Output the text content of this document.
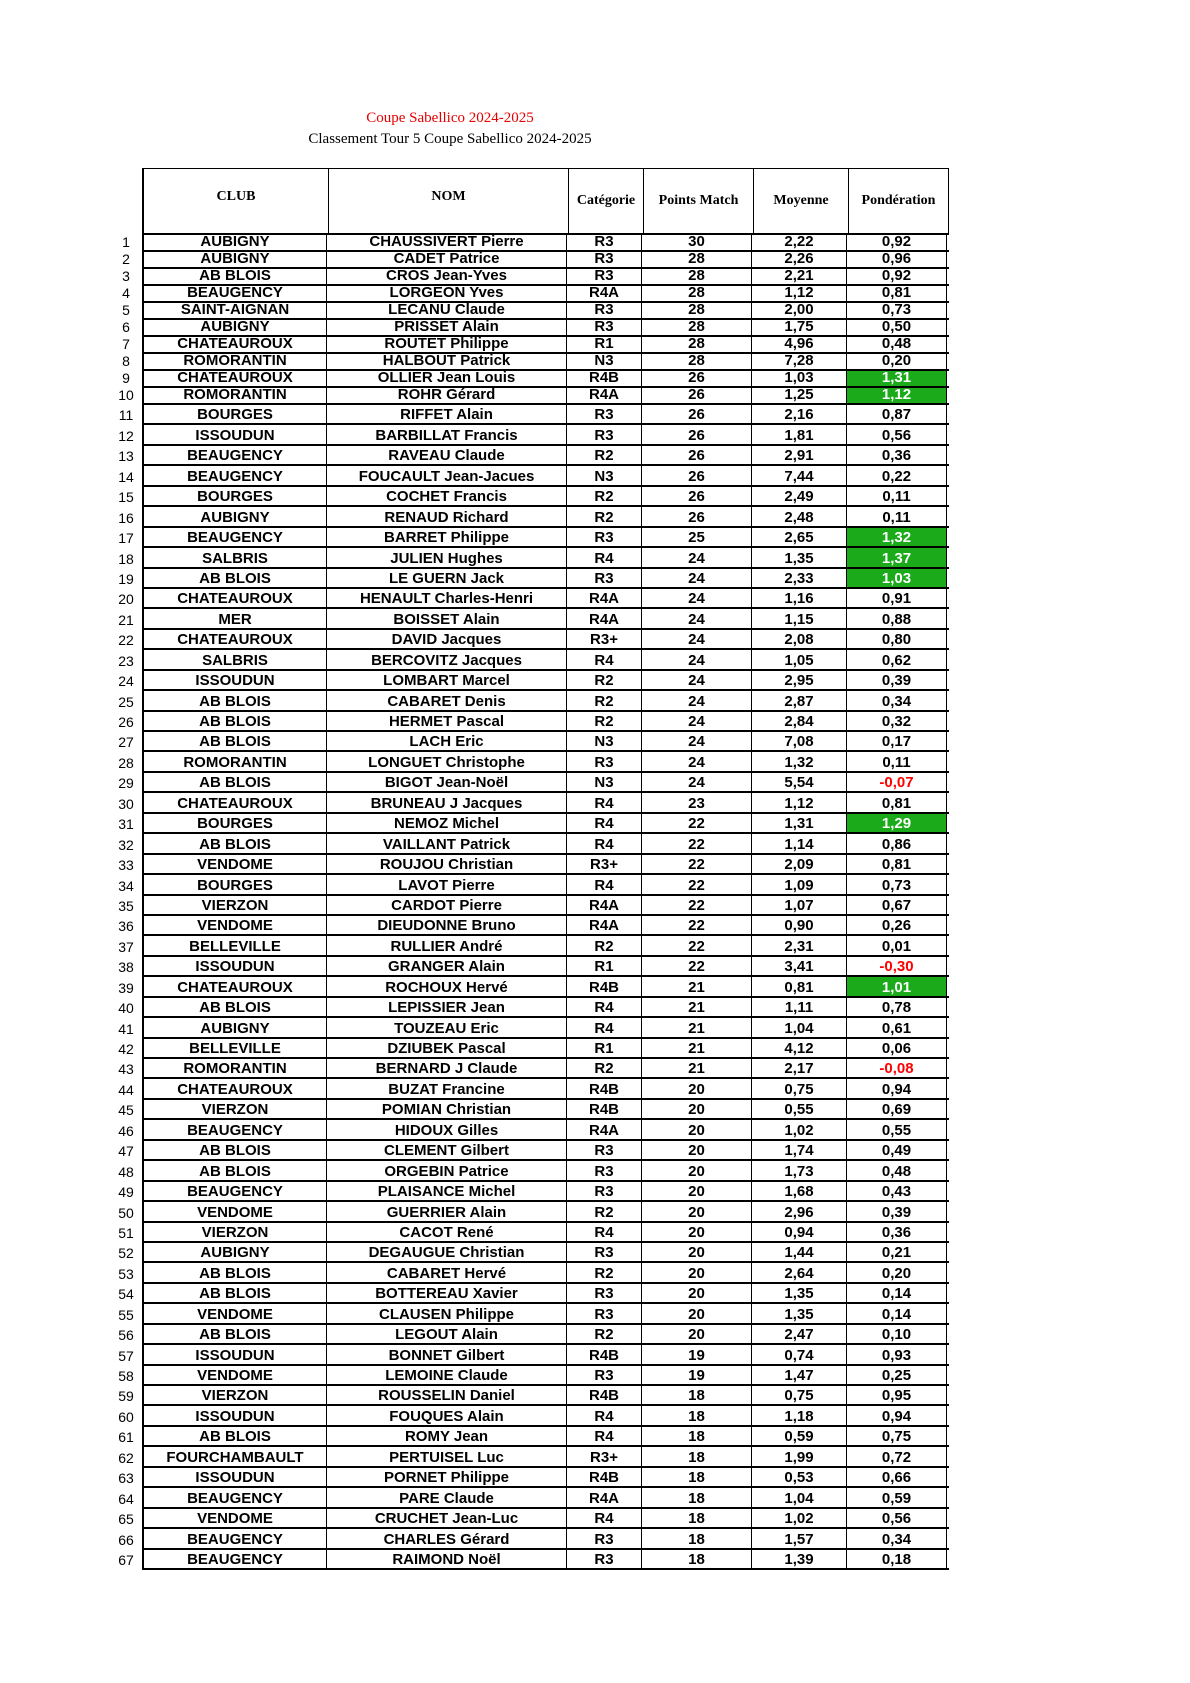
Coupe Sabellico 2024-2025
Classement Tour 5 Coupe Sabellico 2024-2025
CLUB	NOM	Catégorie	Points Match	Moyenne	Pondération
1	AUBIGNY	CHAUSSIVERT Pierre	R3	30	2,22	0,92
2	AUBIGNY	CADET Patrice	R3	28	2,26	0,96
3	AB BLOIS	CROS Jean-Yves	R3	28	2,21	0,92
4	BEAUGENCY	LORGEON Yves	R4A	28	1,12	0,81
5	SAINT-AIGNAN	LECANU Claude	R3	28	2,00	0,73
6	AUBIGNY	PRISSET Alain	R3	28	1,75	0,50
7	CHATEAUROUX	ROUTET Philippe	R1	28	4,96	0,48
8	ROMORANTIN	HALBOUT Patrick	N3	28	7,28	0,20
9	CHATEAUROUX	OLLIER Jean Louis	R4B	26	1,03	1,31
10	ROMORANTIN	ROHR Gérard	R4A	26	1,25	1,12
11	BOURGES	RIFFET Alain	R3	26	2,16	0,87
12	ISSOUDUN	BARBILLAT Francis	R3	26	1,81	0,56
13	BEAUGENCY	RAVEAU Claude	R2	26	2,91	0,36
14	BEAUGENCY	FOUCAULT Jean-Jacues	N3	26	7,44	0,22
15	BOURGES	COCHET Francis	R2	26	2,49	0,11
16	AUBIGNY	RENAUD Richard	R2	26	2,48	0,11
17	BEAUGENCY	BARRET Philippe	R3	25	2,65	1,32
18	SALBRIS	JULIEN Hughes	R4	24	1,35	1,37
19	AB BLOIS	LE GUERN Jack	R3	24	2,33	1,03
20	CHATEAUROUX	HENAULT Charles-Henri	R4A	24	1,16	0,91
21	MER	BOISSET Alain	R4A	24	1,15	0,88
22	CHATEAUROUX	DAVID Jacques	R3+	24	2,08	0,80
23	SALBRIS	BERCOVITZ Jacques	R4	24	1,05	0,62
24	ISSOUDUN	LOMBART Marcel	R2	24	2,95	0,39
25	AB BLOIS	CABARET Denis	R2	24	2,87	0,34
26	AB BLOIS	HERMET Pascal	R2	24	2,84	0,32
27	AB BLOIS	LACH Eric	N3	24	7,08	0,17
28	ROMORANTIN	LONGUET Christophe	R3	24	1,32	0,11
29	AB BLOIS	BIGOT Jean-Noël	N3	24	5,54	-0,07
30	CHATEAUROUX	BRUNEAU J Jacques	R4	23	1,12	0,81
31	BOURGES	NEMOZ Michel	R4	22	1,31	1,29
32	AB BLOIS	VAILLANT Patrick	R4	22	1,14	0,86
33	VENDOME	ROUJOU Christian	R3+	22	2,09	0,81
34	BOURGES	LAVOT Pierre	R4	22	1,09	0,73
35	VIERZON	CARDOT Pierre	R4A	22	1,07	0,67
36	VENDOME	DIEUDONNE Bruno	R4A	22	0,90	0,26
37	BELLEVILLE	RULLIER André	R2	22	2,31	0,01
38	ISSOUDUN	GRANGER Alain	R1	22	3,41	-0,30
39	CHATEAUROUX	ROCHOUX Hervé	R4B	21	0,81	1,01
40	AB BLOIS	LEPISSIER Jean	R4	21	1,11	0,78
41	AUBIGNY	TOUZEAU Eric	R4	21	1,04	0,61
42	BELLEVILLE	DZIUBEK Pascal	R1	21	4,12	0,06
43	ROMORANTIN	BERNARD J Claude	R2	21	2,17	-0,08
44	CHATEAUROUX	BUZAT Francine	R4B	20	0,75	0,94
45	VIERZON	POMIAN Christian	R4B	20	0,55	0,69
46	BEAUGENCY	HIDOUX Gilles	R4A	20	1,02	0,55
47	AB BLOIS	CLEMENT Gilbert	R3	20	1,74	0,49
48	AB BLOIS	ORGEBIN Patrice	R3	20	1,73	0,48
49	BEAUGENCY	PLAISANCE Michel	R3	20	1,68	0,43
50	VENDOME	GUERRIER Alain	R2	20	2,96	0,39
51	VIERZON	CACOT René	R4	20	0,94	0,36
52	AUBIGNY	DEGAUGUE Christian	R3	20	1,44	0,21
53	AB BLOIS	CABARET Hervé	R2	20	2,64	0,20
54	AB BLOIS	BOTTEREAU Xavier	R3	20	1,35	0,14
55	VENDOME	CLAUSEN Philippe	R3	20	1,35	0,14
56	AB BLOIS	LEGOUT Alain	R2	20	2,47	0,10
57	ISSOUDUN	BONNET Gilbert	R4B	19	0,74	0,93
58	VENDOME	LEMOINE Claude	R3	19	1,47	0,25
59	VIERZON	ROUSSELIN Daniel	R4B	18	0,75	0,95
60	ISSOUDUN	FOUQUES Alain	R4	18	1,18	0,94
61	AB BLOIS	ROMY Jean	R4	18	0,59	0,75
62	FOURCHAMBAULT	PERTUISEL Luc	R3+	18	1,99	0,72
63	ISSOUDUN	PORNET Philippe	R4B	18	0,53	0,66
64	BEAUGENCY	PARE Claude	R4A	18	1,04	0,59
65	VENDOME	CRUCHET Jean-Luc	R4	18	1,02	0,56
66	BEAUGENCY	CHARLES Gérard	R3	18	1,57	0,34
67	BEAUGENCY	RAIMOND Noël	R3	18	1,39	0,18
